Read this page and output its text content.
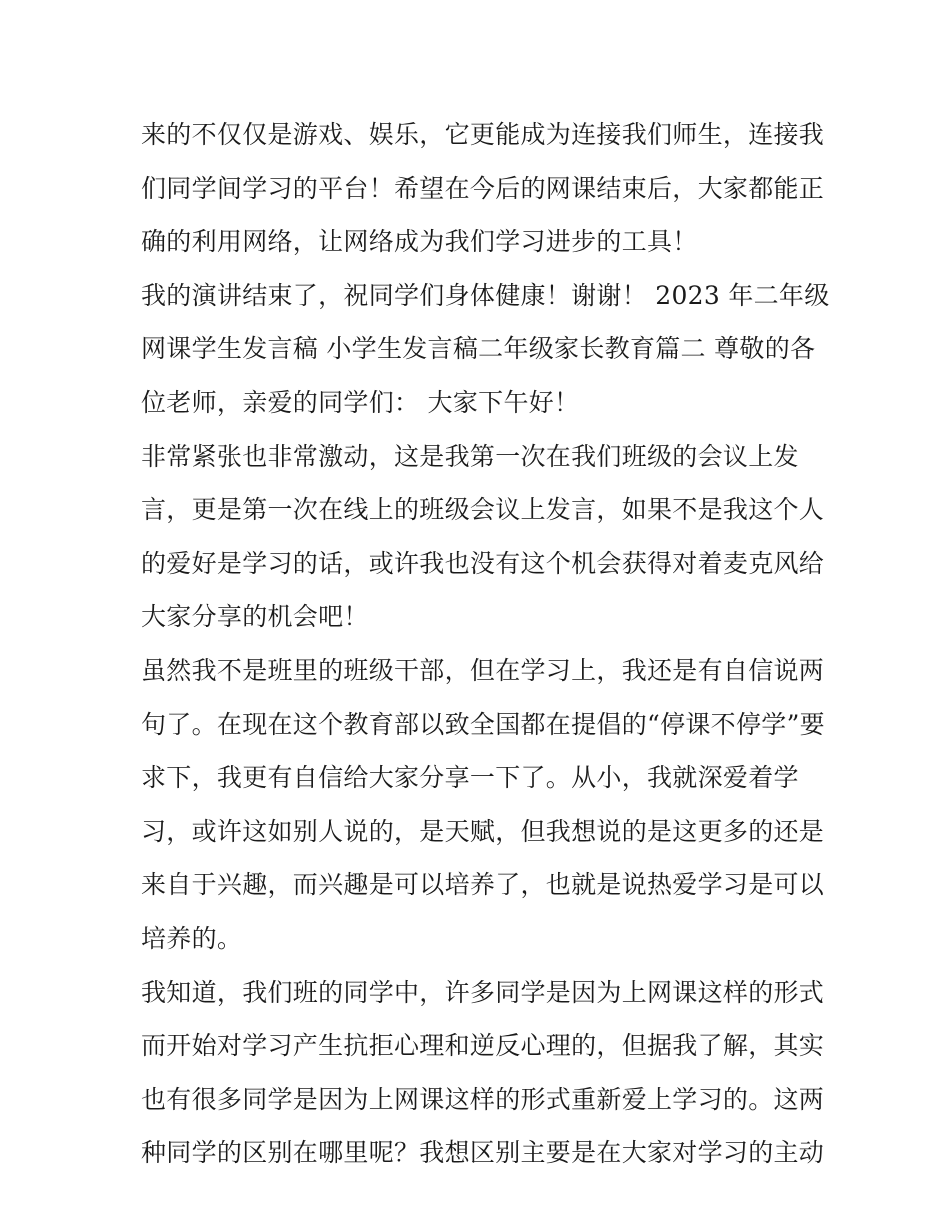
来的不仅仅是游戏、娱乐，它更能成为连接我们师生，连接我
们同学间学习的平台！希望在今后的网课结束后，大家都能正
确的利用网络，让网络成为我们学习进步的工具！
我的演讲结束了，祝同学们身体健康！谢谢！ 2023 年二年级
网课学生发言稿 小学生发言稿二年级家长教育篇二 尊敬的各
位老师，亲爱的同学们： 大家下午好！
非常紧张也非常激动，这是我第一次在我们班级的会议上发
言，更是第一次在线上的班级会议上发言，如果不是我这个人
的爱好是学习的话，或许我也没有这个机会获得对着麦克风给
大家分享的机会吧！
虽然我不是班里的班级干部，但在学习上，我还是有自信说两
句了。在现在这个教育部以致全国都在提倡的“停课不停学”要
求下，我更有自信给大家分享一下了。从小，我就深爱着学
习，或许这如别人说的，是天赋，但我想说的是这更多的还是
来自于兴趣，而兴趣是可以培养了，也就是说热爱学习是可以
培养的。
我知道，我们班的同学中，许多同学是因为上网课这样的形式
而开始对学习产生抗拒心理和逆反心理的，但据我了解，其实
也有很多同学是因为上网课这样的形式重新爱上学习的。这两
种同学的区别在哪里呢？我想区别主要是在大家对学习的主动
